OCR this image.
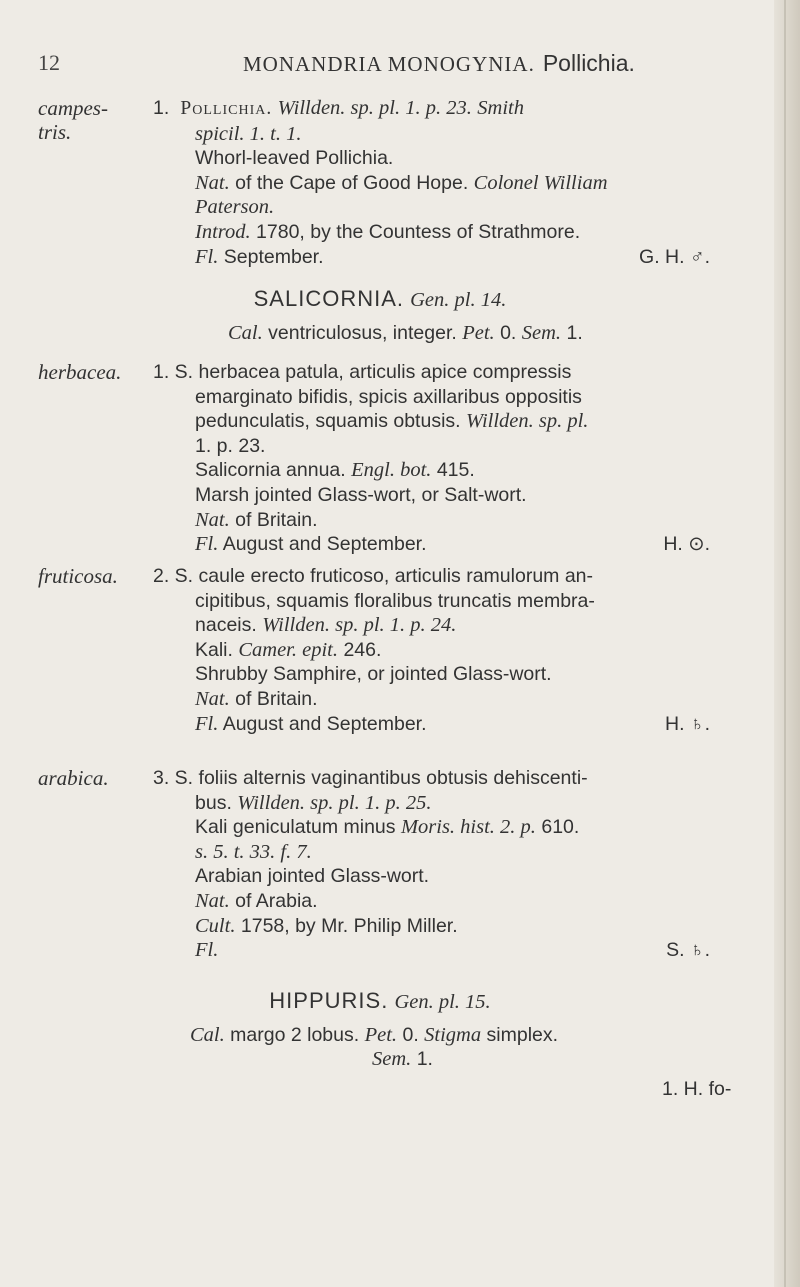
12	MONANDRIA MONOGYNIA. Pollichia.
campes-
tris.
1. Pollichia. Willden. sp. pl. 1. p. 23. Smith
spicil. 1. t. 1.
Whorl-leaved Pollichia.
Nat. of the Cape of Good Hope. Colonel William
Paterson.
Introd. 1780, by the Countess of Strathmore.
Fl. September.	G. H. ♂.
SALICORNIA. Gen. pl. 14.
Cal. ventriculosus, integer. Pet. 0. Sem. 1.
herbacea. 1. S. herbacea patula, articulis apice compressis
emarginato bifidis, spicis axillaribus oppositis
pedunculatis, squamis obtusis. Willden. sp. pl.
1. p. 23.
Salicornia annua. Engl. bot. 415.
Marsh jointed Glass-wort, or Salt-wort.
Nat. of Britain.
Fl. August and September.	H. ⊙.
fruticosa. 2. S. caule erecto fruticoso, articulis ramulorum an-
cipitibus, squamis floralibus truncatis membra-
naceis. Willden. sp. pl. 1. p. 24.
Kali. Camer. epit. 246.
Shrubby Samphire, or jointed Glass-wort.
Nat. of Britain.
Fl. August and September.	H. ♄.
arabica. 3. S. foliis alternis vaginantibus obtusis dehiscenti-
bus. Willden. sp. pl. 1. p. 25.
Kali geniculatum minus Moris. hist. 2. p. 610.
s. 5. t. 33. f. 7.
Arabian jointed Glass-wort.
Nat. of Arabia.
Cult. 1758, by Mr. Philip Miller.
Fl.	S. ♄.
HIPPURIS. Gen. pl. 15.
Cal. margo 2 lobus. Pet. 0. Stigma simplex.
Sem. 1.
1. H. fo-
